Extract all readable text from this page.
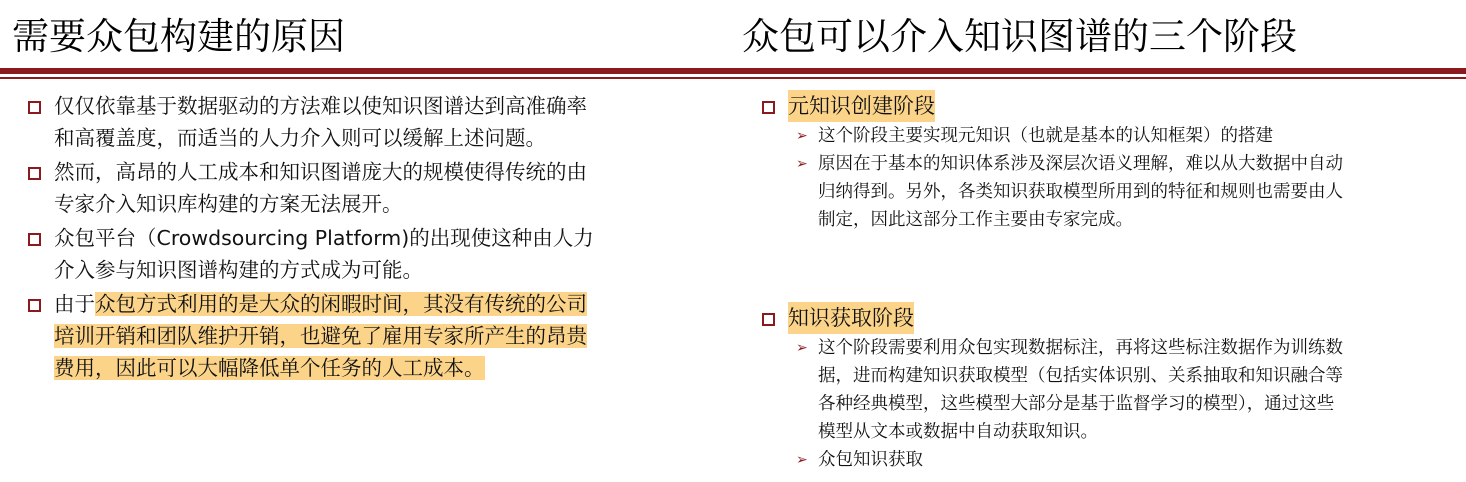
需要众包构建的原因	众包可以介入知识图谱的三个阶段
仅仅依靠基于数据驱动的方法难以使知识图谱达到高准确率
和高覆盖度，而适当的人力介入则可以缓解上述问题。
然而，高昂的人工成本和知识图谱庞大的规模使得传统的由
专家介入知识库构建的方案无法展开。
众包平台（Crowdsourcing Platform)的出现使这种由人力
介入参与知识图谱构建的方式成为可能。
由于众包方式利用的是大众的闲暇时间，其没有传统的公司
培训开销和团队维护开销，也避免了雇用专家所产生的昂贵
费用，因此可以大幅降低单个任务的人工成本。
元知识创建阶段
➢ 这个阶段主要实现元知识（也就是基本的认知框架）的搭建
➢ 原因在于基本的知识体系涉及深层次语义理解，难以从大数据中自动
归纳得到。另外，各类知识获取模型所用到的特征和规则也需要由人
制定，因此这部分工作主要由专家完成。
知识获取阶段
➢ 这个阶段需要利用众包实现数据标注，再将这些标注数据作为训练数
据，进而构建知识获取模型（包括实体识别、关系抽取和知识融合等
各种经典模型，这些模型大部分是基于监督学习的模型），通过这些
模型从文本或数据中自动获取知识。
➢ 众包知识获取
